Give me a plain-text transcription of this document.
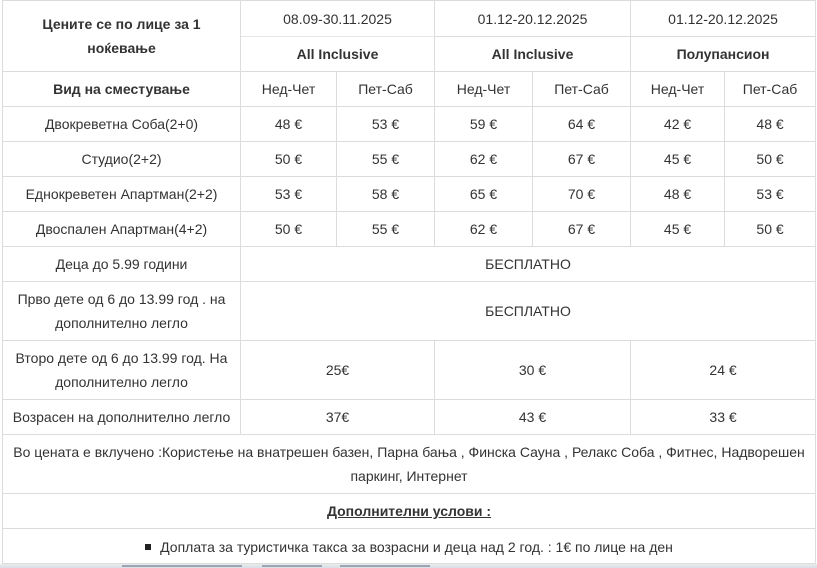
Цените се по лице за 1
ноќевање	08.09-30.11.2025		01.12-20.12.2025		01.12-20.12.2025	
	All Inclusive		All Inclusive		Полупансион	
Вид на сместување	Нед-Чет	Пет-Саб	Нед-Чет	Пет-Саб	Нед-Чет	Пет-Саб
Двокреветна Соба(2+0)	48 €	53 €	59 €	64 €	42 €	48 €
Студио(2+2)	50 €	55 €	62 €	67 €	45 €	50 €
Еднокреветен Апартман(2+2)	53 €	58 €	65 €	70 €	48 €	53 €
Двоспален Апартман(4+2)	50 €	55 €	62 €	67 €	45 €	50 €
Деца до 5.99 години	БЕСПЛАТНО					
Прво дете од 6 до 13.99 год . на дополнително легло	БЕСПЛАТНО					
Второ дете од 6 до 13.99 год. На дополнително легло	25€		30 €		24 €	
Возрасен на дополнително легло	37€		43 €		33 €	
Во цената е вклучено :Користење на внатрешен базен, Парна бања , Финска Сауна , Релакс Соба , Фитнес, Надворешен паркинг, Интернет						
Дополнителни услови :						

Доплата за туристичка такса за возрасни и деца над 2 год. : 1€ по лице на ден						
